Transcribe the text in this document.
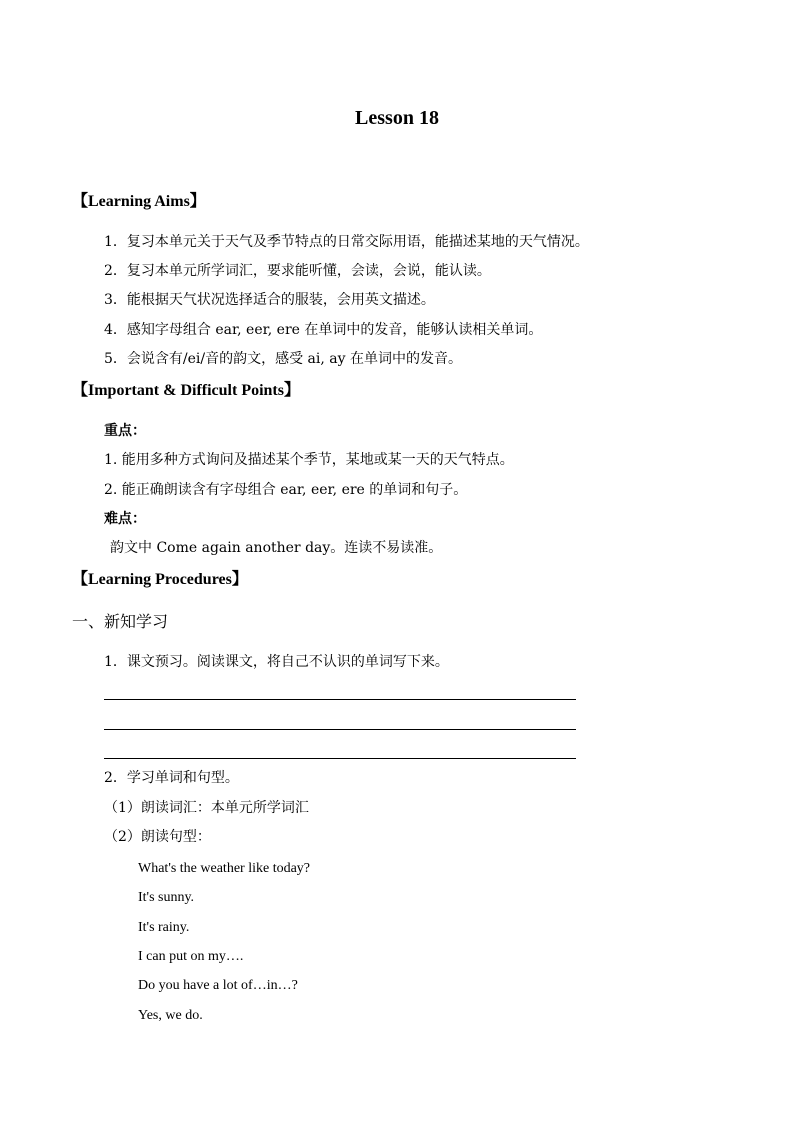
Lesson 18
【Learning Aims】
1．复习本单元关于天气及季节特点的日常交际用语，能描述某地的天气情况。
2．复习本单元所学词汇，要求能听懂，会读，会说，能认读。
3．能根据天气状况选择适合的服装，会用英文描述。
4．感知字母组合 ear, eer, ere 在单词中的发音，能够认读相关单词。
5．会说含有/ei/音的韵文，感受 ai, ay 在单词中的发音。
【Important & Difficult Points】
重点：
1. 能用多种方式询问及描述某个季节，某地或某一天的天气特点。
2. 能正确朗读含有字母组合 ear, eer, ere 的单词和句子。
难点：
韵文中 Come again another day。连读不易读准。
【Learning Procedures】
一、新知学习
1．课文预习。阅读课文，将自己不认识的单词写下来。
2．学习单词和句型。
（1）朗读词汇：本单元所学词汇
（2）朗读句型：
What's the weather like today?
It's sunny.
It's rainy.
I can put on my….
Do you have a lot of…in…?
Yes, we do.
